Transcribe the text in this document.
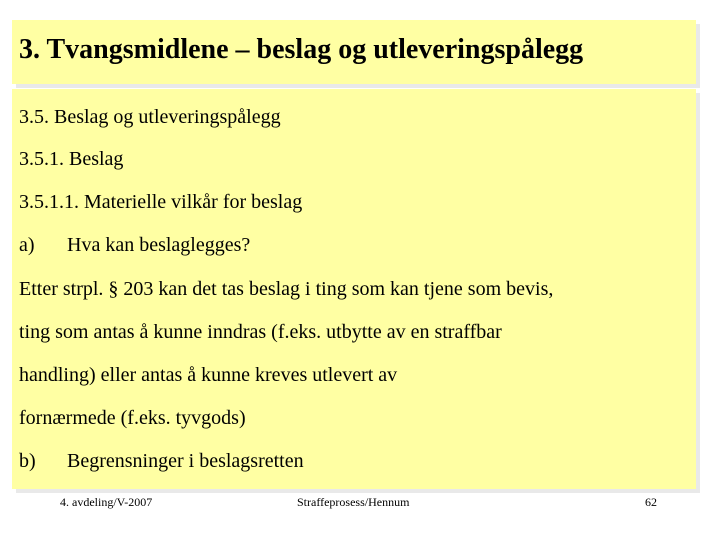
3. Tvangsmidlene – beslag og utleveringspålegg
3.5. Beslag og utleveringspålegg
3.5.1. Beslag
3.5.1.1. Materielle vilkår for beslag
a) Hva kan beslaglegges?
Etter strpl. § 203 kan det tas beslag i ting som kan tjene som bevis,
ting som antas å kunne inndras (f.eks. utbytte av en straffbar
handling) eller antas å kunne kreves utlevert av
fornærmede (f.eks. tyvgods)
b) Begrensninger i beslagsretten
4. avdeling/V-2007	Straffeprosess/Hennum	62
